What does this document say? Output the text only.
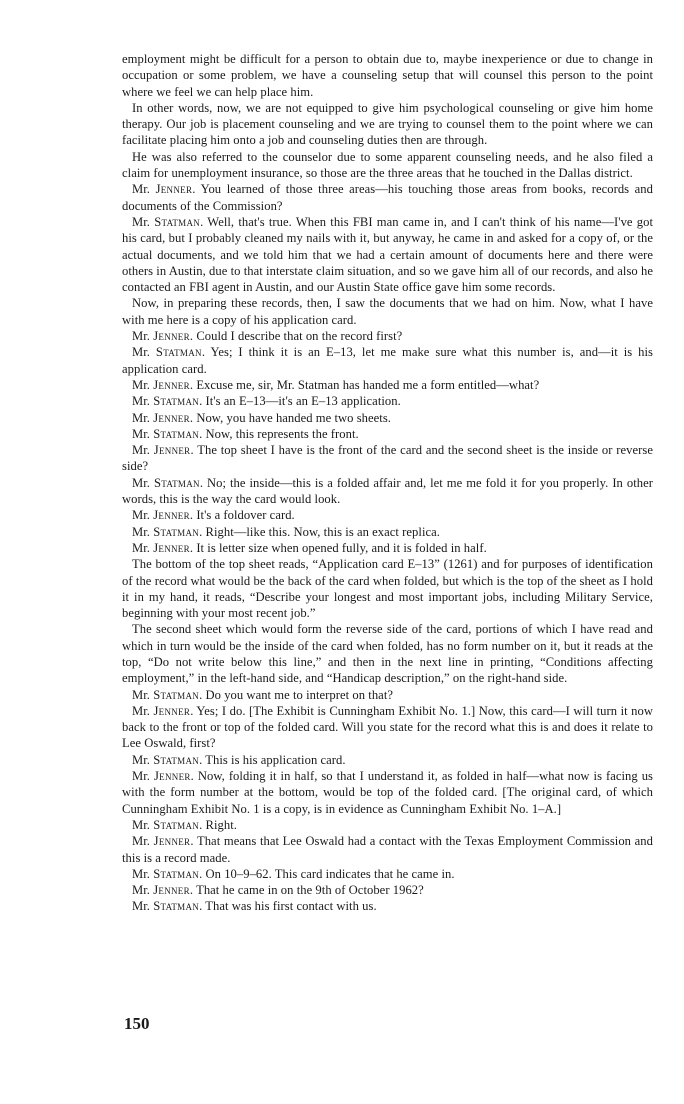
employment might be difficult for a person to obtain due to, maybe inexperience or due to change in occupation or some problem, we have a counseling setup that will counsel this person to the point where we feel we can help place him.

In other words, now, we are not equipped to give him psychological counseling or give him home therapy. Our job is placement counseling and we are trying to counsel them to the point where we can facilitate placing him onto a job and counseling duties then are through.

He was also referred to the counselor due to some apparent counseling needs, and he also filed a claim for unemployment insurance, so those are the three areas that he touched in the Dallas district.

Mr. Jenner. You learned of those three areas—his touching those areas from books, records and documents of the Commission?

Mr. Statman. Well, that's true. When this FBI man came in, and I can't think of his name—I've got his card, but I probably cleaned my nails with it, but anyway, he came in and asked for a copy of, or the actual documents, and we told him that we had a certain amount of documents here and there were others in Austin, due to that interstate claim situation, and so we gave him all of our records, and also he contacted an FBI agent in Austin, and our Austin State office gave him some records.

Now, in preparing these records, then, I saw the documents that we had on him. Now, what I have with me here is a copy of his application card.

Mr. Jenner. Could I describe that on the record first?

Mr. Statman. Yes; I think it is an E–13, let me make sure what this number is, and—it is his application card.

Mr. Jenner. Excuse me, sir, Mr. Statman has handed me a form entitled—what?

Mr. Statman. It's an E–13—it's an E–13 application.

Mr. Jenner. Now, you have handed me two sheets.

Mr. Statman. Now, this represents the front.

Mr. Jenner. The top sheet I have is the front of the card and the second sheet is the inside or reverse side?

Mr. Statman. No; the inside—this is a folded affair and, let me me fold it for you properly. In other words, this is the way the card would look.

Mr. Jenner. It's a foldover card.

Mr. Statman. Right—like this. Now, this is an exact replica.

Mr. Jenner. It is letter size when opened fully, and it is folded in half.

The bottom of the top sheet reads, “Application card E–13” (1261) and for purposes of identification of the record what would be the back of the card when folded, but which is the top of the sheet as I hold it in my hand, it reads, “Describe your longest and most important jobs, including Military Service, beginning with your most recent job.”

The second sheet which would form the reverse side of the card, portions of which I have read and which in turn would be the inside of the card when folded, has no form number on it, but it reads at the top, “Do not write below this line,” and then in the next line in printing, “Conditions affecting employment,” in the left-hand side, and “Handicap description,” on the right-hand side.

Mr. Statman. Do you want me to interpret on that?

Mr. Jenner. Yes; I do. [The Exhibit is Cunningham Exhibit No. 1.] Now, this card—I will turn it now back to the front or top of the folded card. Will you state for the record what this is and does it relate to Lee Oswald, first?

Mr. Statman. This is his application card.

Mr. Jenner. Now, folding it in half, so that I understand it, as folded in half—what now is facing us with the form number at the bottom, would be top of the folded card. [The original card, of which Cunningham Exhibit No. 1 is a copy, is in evidence as Cunningham Exhibit No. 1–A.]

Mr. Statman. Right.

Mr. Jenner. That means that Lee Oswald had a contact with the Texas Employment Commission and this is a record made.

Mr. Statman. On 10–9–62. This card indicates that he came in.

Mr. Jenner. That he came in on the 9th of October 1962?

Mr. Statman. That was his first contact with us.

150
